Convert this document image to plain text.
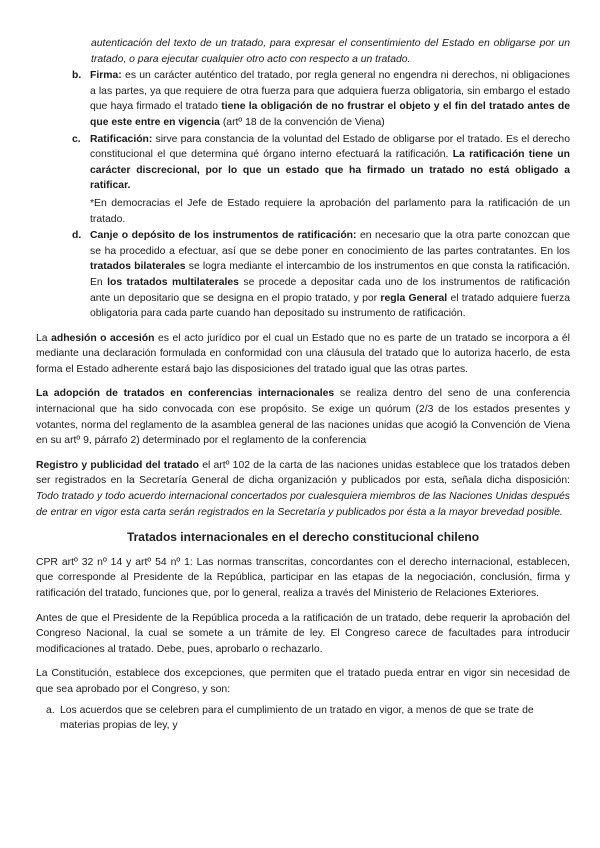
autenticación del texto de un tratado, para expresar el consentimiento del Estado en obligarse por un tratado, o para ejecutar cualquier otro acto con respecto a un tratado.
b. Firma: es un carácter auténtico del tratado, por regla general no engendra ni derechos, ni obligaciones a las partes, ya que requiere de otra fuerza para que adquiera fuerza obligatoria, sin embargo el estado que haya firmado el tratado tiene la obligación de no frustrar el objeto y el fin del tratado antes de que este entre en vigencia (artº 18 de la convención de Viena)
c. Ratificación: sirve para constancia de la voluntad del Estado de obligarse por el tratado. Es el derecho constitucional el que determina qué órgano interno efectuará la ratificación. La ratificación tiene un carácter discrecional, por lo que un estado que ha firmado un tratado no está obligado a ratificar.
*En democracias el Jefe de Estado requiere la aprobación del parlamento para la ratificación de un tratado.
d. Canje o depósito de los instrumentos de ratificación: en necesario que la otra parte conozcan que se ha procedido a efectuar, así que se debe poner en conocimiento de las partes contratantes. En los tratados bilaterales se logra mediante el intercambio de los instrumentos en que consta la ratificación. En los tratados multilaterales se procede a depositar cada uno de los instrumentos de ratificación ante un depositario que se designa en el propio tratado, y por regla General el tratado adquiere fuerza obligatoria para cada parte cuando han depositado su instrumento de ratificación.
La adhesión o accesión es el acto jurídico por el cual un Estado que no es parte de un tratado se incorpora a él mediante una declaración formulada en conformidad con una cláusula del tratado que lo autoriza hacerlo, de esta forma el Estado adherente estará bajo las disposiciones del tratado igual que las otras partes.
La adopción de tratados en conferencias internacionales se realiza dentro del seno de una conferencia internacional que ha sido convocada con ese propósito. Se exige un quórum (2/3 de los estados presentes y votantes, norma del reglamento de la asamblea general de las naciones unidas que acogió la Convención de Viena en su artº 9, párrafo 2) determinado por el reglamento de la conferencia
Registro y publicidad del tratado el artº 102 de la carta de las naciones unidas establece que los tratados deben ser registrados en la Secretaría General de dicha organización y publicados por esta, señala dicha disposición: Todo tratado y todo acuerdo internacional concertados por cualesquiera miembros de las Naciones Unidas después de entrar en vigor esta carta serán registrados en la Secretaría y publicados por ésta a la mayor brevedad posible.
Tratados internacionales en el derecho constitucional chileno
CPR artº 32 nº 14 y artº 54 nº 1: Las normas transcritas, concordantes con el derecho internacional, establecen, que corresponde al Presidente de la República, participar en las etapas de la negociación, conclusión, firma y ratificación del tratado, funciones que, por lo general, realiza a través del Ministerio de Relaciones Exteriores.
Antes de que el Presidente de la República proceda a la ratificación de un tratado, debe requerir la aprobación del Congreso Nacional, la cual se somete a un trámite de ley. El Congreso carece de facultades para introducir modificaciones al tratado. Debe, pues, aprobarlo o rechazarlo.
La Constitución, establece dos excepciones, que permiten que el tratado pueda entrar en vigor sin necesidad de que sea aprobado por el Congreso, y son:
a. Los acuerdos que se celebren para el cumplimiento de un tratado en vigor, a menos de que se trate de materias propias de ley, y
